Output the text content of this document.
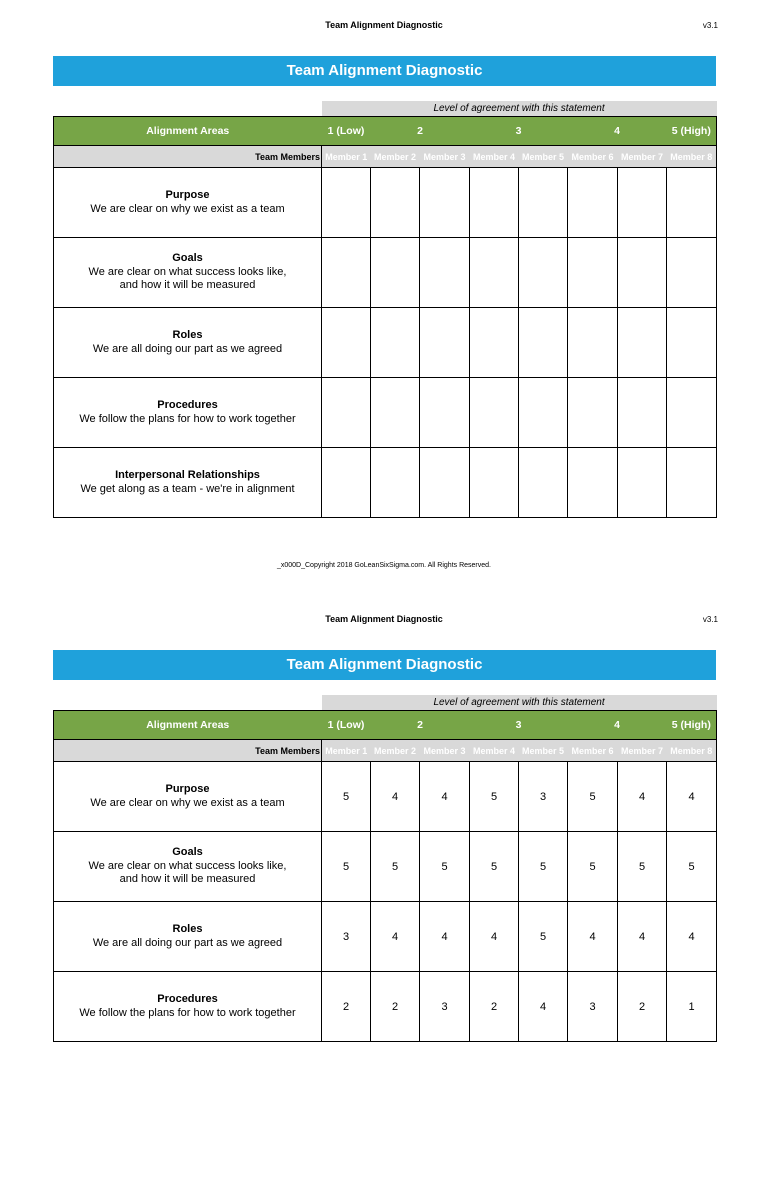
Team Alignment Diagnostic	v3.1
Team Alignment Diagnostic
	Level of agreement with this statement							
Alignment Areas	1 (Low)	2		3		4		5 (High)
Team Members	Member 1	Member 2	Member 3	Member 4	Member 5	Member 6	Member 7	Member 8

Purpose
We are clear on why we exist as a team								

Goals
We are clear on what success looks like,
and how it will be measured								

Roles
We are all doing our part as we agreed								

Procedures
We follow the plans for how to work together								

Interpersonal Relationships
We get along as a team - we're in alignment								

_x000D_Copyright 2018 GoLeanSixSigma.com. All Rights Reserved.
Team Alignment Diagnostic	v3.1
Team Alignment Diagnostic
	Level of agreement with this statement							
Alignment Areas	1 (Low)	2		3		4		5 (High)
Team Members	Member 1	Member 2	Member 3	Member 4	Member 5	Member 6	Member 7	Member 8

Purpose
We are clear on why we exist as a team	5	4	4	5	3	5	4	4

Goals
We are clear on what success looks like,
and how it will be measured	5	5	5	5	5	5	5	5

Roles
We are all doing our part as we agreed	3	4	4	4	5	4	4	4

Procedures
We follow the plans for how to work together	2	2	3	2	4	3	2	1
